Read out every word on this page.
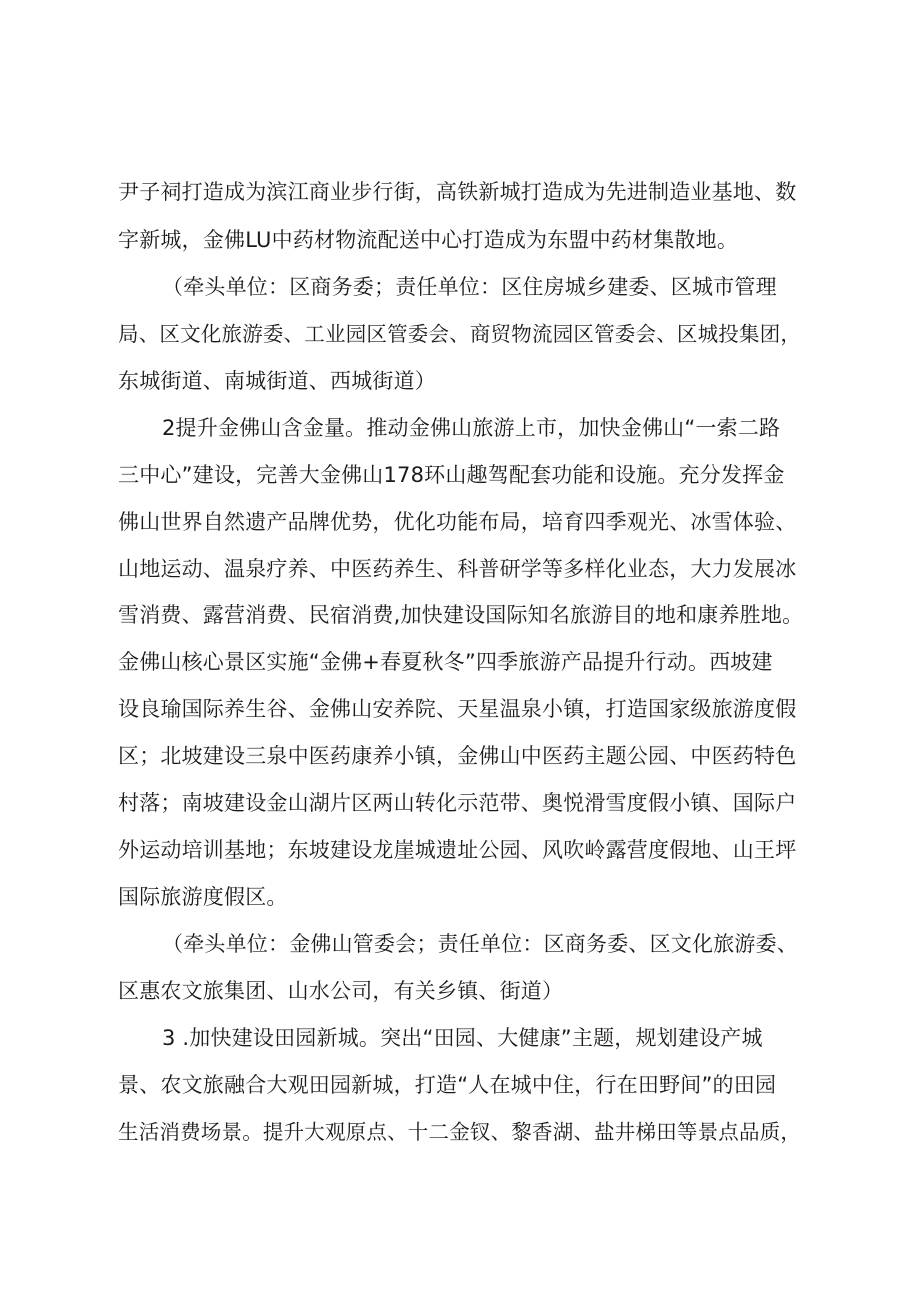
尹子祠打造成为滨江商业步行街，高铁新城打造成为先进制造业基地、数
字新城，金佛LU中药材物流配送中心打造成为东盟中药材集散地。
（牵头单位：区商务委；责任单位：区住房城乡建委、区城市管理
局、区文化旅游委、工业园区管委会、商贸物流园区管委会、区城投集团，
东城街道、南城街道、西城街道）
2提升金佛山含金量。推动金佛山旅游上市，加快金佛山“一索二路
三中心”建设，完善大金佛山178环山趣驾配套功能和设施。充分发挥金
佛山世界自然遗产品牌优势，优化功能布局，培育四季观光、冰雪体验、
山地运动、温泉疗养、中医药养生、科普研学等多样化业态，大力发展冰
雪消费、露营消费、民宿消费,加快建设国际知名旅游目的地和康养胜地。
金佛山核心景区实施“金佛+春夏秋冬”四季旅游产品提升行动。西坡建
设良瑜国际养生谷、金佛山安养院、天星温泉小镇，打造国家级旅游度假
区；北坡建设三泉中医药康养小镇，金佛山中医药主题公园、中医药特色
村落；南坡建设金山湖片区两山转化示范带、奥悦滑雪度假小镇、国际户
外运动培训基地；东坡建设龙崖城遗址公园、风吹岭露营度假地、山王坪
国际旅游度假区。
（牵头单位：金佛山管委会；责任单位：区商务委、区文化旅游委、
区惠农文旅集团、山水公司，有关乡镇、街道）
3 .加快建设田园新城。突出“田园、大健康”主题，规划建设产城
景、农文旅融合大观田园新城，打造“人在城中住，行在田野间”的田园
生活消费场景。提升大观原点、十二金钗、黎香湖、盐井梯田等景点品质，
